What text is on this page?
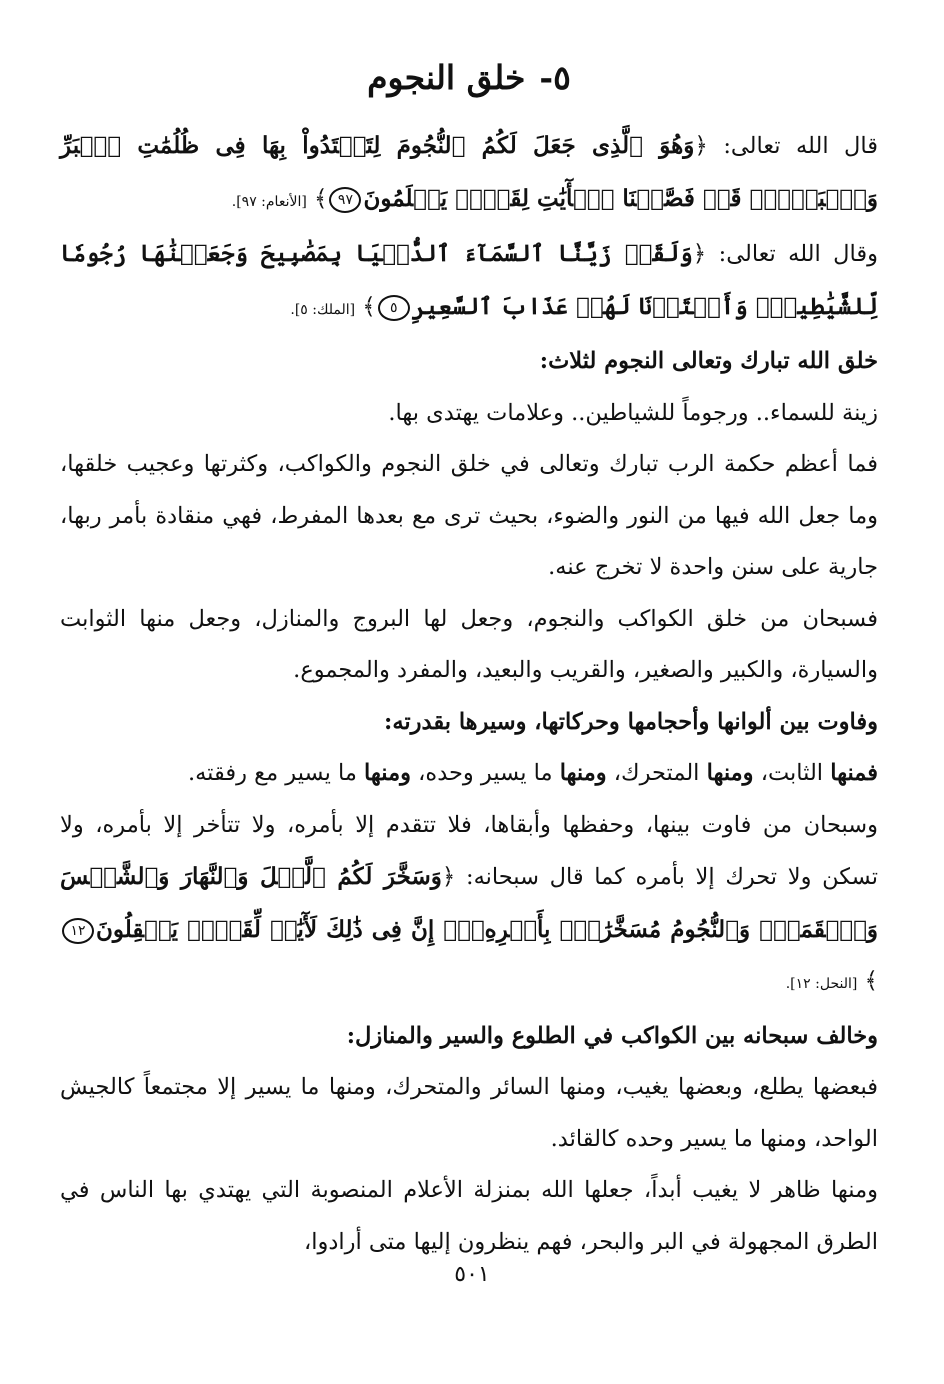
٥-خلق النجوم

قال الله تعالى: ﴿وَهُوَ ٱلَّذِى جَعَلَ لَكُمُ ٱلنُّجُومَ لِتَهۡتَدُواْ بِهَا فِى ظُلُمَٰتِ ٱلۡبَرِّ وَٱلۡبَحۡرِۗ قَدۡ فَصَّلۡنَا ٱلۡأٓيَٰتِ لِقَوۡمٖ يَعۡلَمُونَ٩٧﴾ [الأنعام: ٩٧].

وقال الله تعالى: ﴿وَلَقَدۡ زَيَّنَّا ٱلسَّمَآءَ ٱلدُّنۡيَا بِمَصَٰبِيحَ وَجَعَلۡنَٰهَا رُجُومٗا لِّلشَّيَٰطِينِۖ وَأَعۡتَدۡنَا لَهُمۡ عَذَابَ ٱلسَّعِيرِ٥﴾ [الملك: ٥].

خلق الله تبارك وتعالى النجوم لثلاث:

زينة للسماء.. ورجوماً للشياطين.. وعلامات يهتدى بها.

فما أعظم حكمة الرب تبارك وتعالى في خلق النجوم والكواكب، وكثرتها وعجيب خلقها، وما جعل الله فيها من النور والضوء، بحيث ترى مع بعدها المفرط، فهي منقادة بأمر ربها، جارية على سنن واحدة لا تخرج عنه.

فسبحان من خلق الكواكب والنجوم، وجعل لها البروج والمنازل، وجعل منها الثوابت والسيارة، والكبير والصغير، والقريب والبعيد، والمفرد والمجموع.

وفاوت بين ألوانها وأحجامها وحركاتها، وسيرها بقدرته:

فمنها الثابت، ومنها المتحرك، ومنها ما يسير وحده، ومنها ما يسير مع رفقته.

وسبحان من فاوت بينها، وحفظها وأبقاها، فلا تتقدم إلا بأمره، ولا تتأخر إلا بأمره، ولا تسكن ولا تحرك إلا بأمره كما قال سبحانه: ﴿وَسَخَّرَ لَكُمُ ٱلَّيۡلَ وَٱلنَّهَارَ وَٱلشَّمۡسَ وَٱلۡقَمَرَۖ وَٱلنُّجُومُ مُسَخَّرَٰتُۢ بِأَمۡرِهِۦٓۚ إِنَّ فِى ذَٰلِكَ لَأٓيَٰتٖ لِّقَوۡمٖ يَعۡقِلُونَ١٢﴾ [النحل: ١٢].

وخالف سبحانه بين الكواكب في الطلوع والسير والمنازل:

فبعضها يطلع، وبعضها يغيب، ومنها السائر والمتحرك، ومنها ما يسير إلا مجتمعاً كالجيش الواحد، ومنها ما يسير وحده كالقائد.

ومنها ظاهر لا يغيب أبداً، جعلها الله بمنزلة الأعلام المنصوبة التي يهتدي بها الناس في الطرق المجهولة في البر والبحر، فهم ينظرون إليها متى أرادوا،

٥٠١
